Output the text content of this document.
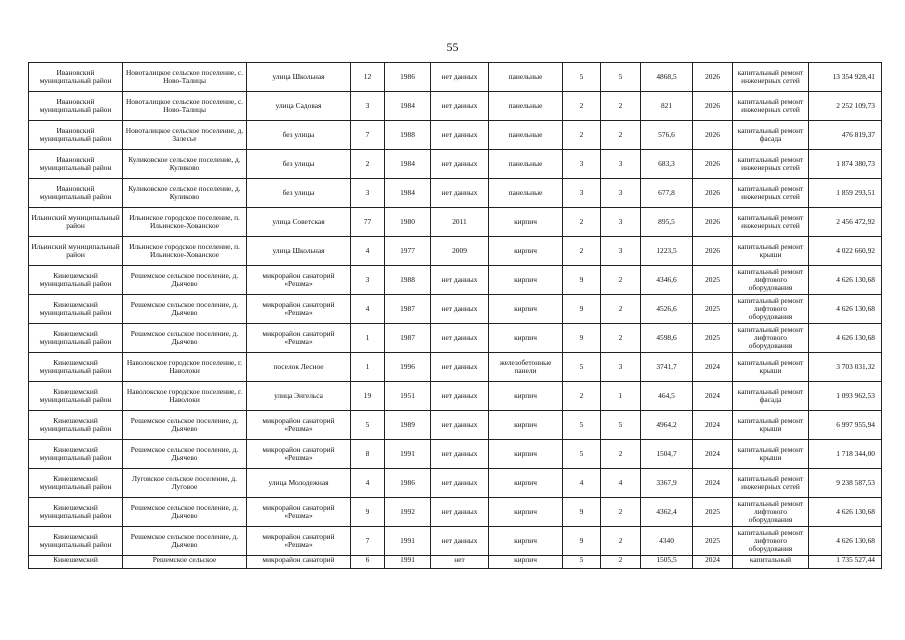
55
Ивановский муниципальный район	Новоталицкое сельское поселение, с. Ново-Талицы	улица Школьная	12	1986	нет данных	панельные	5	5	4868,5	2026	капитальный ремонт инженерных сетей	13 354 928,41
Ивановский муниципальный район	Новоталицкое сельское поселение, с. Ново-Талицы	улица Садовая	3	1984	нет данных	панельные	2	2	821	2026	капитальный ремонт инженерных сетей	2 252 109,73
Ивановский муниципальный район	Новоталицкое сельское поселение, д. Залесье	без улицы	7	1988	нет данных	панельные	2	2	576,6	2026	капитальный ремонт фасада	476 819,37
Ивановский муниципальный район	Куликовское сельское поселение, д. Куликово	без улицы	2	1984	нет данных	панельные	3	3	683,3	2026	капитальный ремонт инженерных сетей	1 874 380,73
Ивановский муниципальный район	Куликовское сельское поселение, д. Куликово	без улицы	3	1984	нет данных	панельные	3	3	677,8	2026	капитальный ремонт инженерных сетей	1 859 293,51
Ильинский муниципальный район	Ильинское городское поселение, п. Ильинское-Хованское	улица Советская	77	1980	2011	кирпич	2	3	895,5	2026	капитальный ремонт инженерных сетей	2 456 472,92
Ильинский муниципальный район	Ильинское городское поселение, п. Ильинское-Хованское	улица Школьная	4	1977	2009	кирпич	2	3	1223,5	2026	капитальный ремонт крыши	4 022 660,92
Кинешемский муниципальный район	Решемское сельское поселение, д. Дьячево	микрорайон санаторий «Решма»	3	1988	нет данных	кирпич	9	2	4346,6	2025	капитальный ремонт лифтового оборудования	4 626 130,68
Кинешемский муниципальный район	Решемское сельское поселение, д. Дьячево	микрорайон санаторий «Решма»	4	1987	нет данных	кирпич	9	2	4526,6	2025	капитальный ремонт лифтового оборудования	4 626 130,68
Кинешемский муниципальный район	Решемское сельское поселение, д. Дьячево	микрорайон санаторий «Решма»	1	1987	нет данных	кирпич	9	2	4598,6	2025	капитальный ремонт лифтового оборудования	4 626 130,68
Кинешемский муниципальный район	Наволокское городское поселение, г. Наволоки	поселок Лесное	1	1996	нет данных	железобетонные панели	5	3	3741,7	2024	капитальный ремонт крыши	3 703 031,32
Кинешемский муниципальный район	Наволокское городское поселение, г. Наволоки	улица Энгельса	19	1951	нет данных	кирпич	2	1	464,5	2024	капитальный ремонт фасада	1 093 962,53
Кинешемский муниципальный район	Решемское сельское поселение, д. Дьячево	микрорайон санаторий «Решма»	5	1989	нет данных	кирпич	5	5	4964,2	2024	капитальный ремонт крыши	6 997 955,94
Кинешемский муниципальный район	Решемское сельское поселение, д. Дьячево	микрорайон санаторий «Решма»	8	1991	нет данных	кирпич	5	2	1504,7	2024	капитальный ремонт крыши	1 718 344,00
Кинешемский муниципальный район	Луговское сельское поселение, д. Луговое	улица Молодежная	4	1986	нет данных	кирпич	4	4	3367,9	2024	капитальный ремонт инженерных сетей	9 238 587,53
Кинешемский муниципальный район	Решемское сельское поселение, д. Дьячево	микрорайон санаторий «Решма»	9	1992	нет данных	кирпич	9	2	4362,4	2025	капитальный ремонт лифтового оборудования	4 626 130,68
Кинешемский муниципальный район	Решемское сельское поселение, д. Дьячево	микрорайон санаторий «Решма»	7	1991	нет данных	кирпич	9	2	4340	2025	капитальный ремонт лифтового оборудования	4 626 130,68
Кинешемский	Решемское сельское	микрорайон санаторий	6	1991	нет	кирпич	5	2	1505,5	2024	капитальный	1 735 527,44
